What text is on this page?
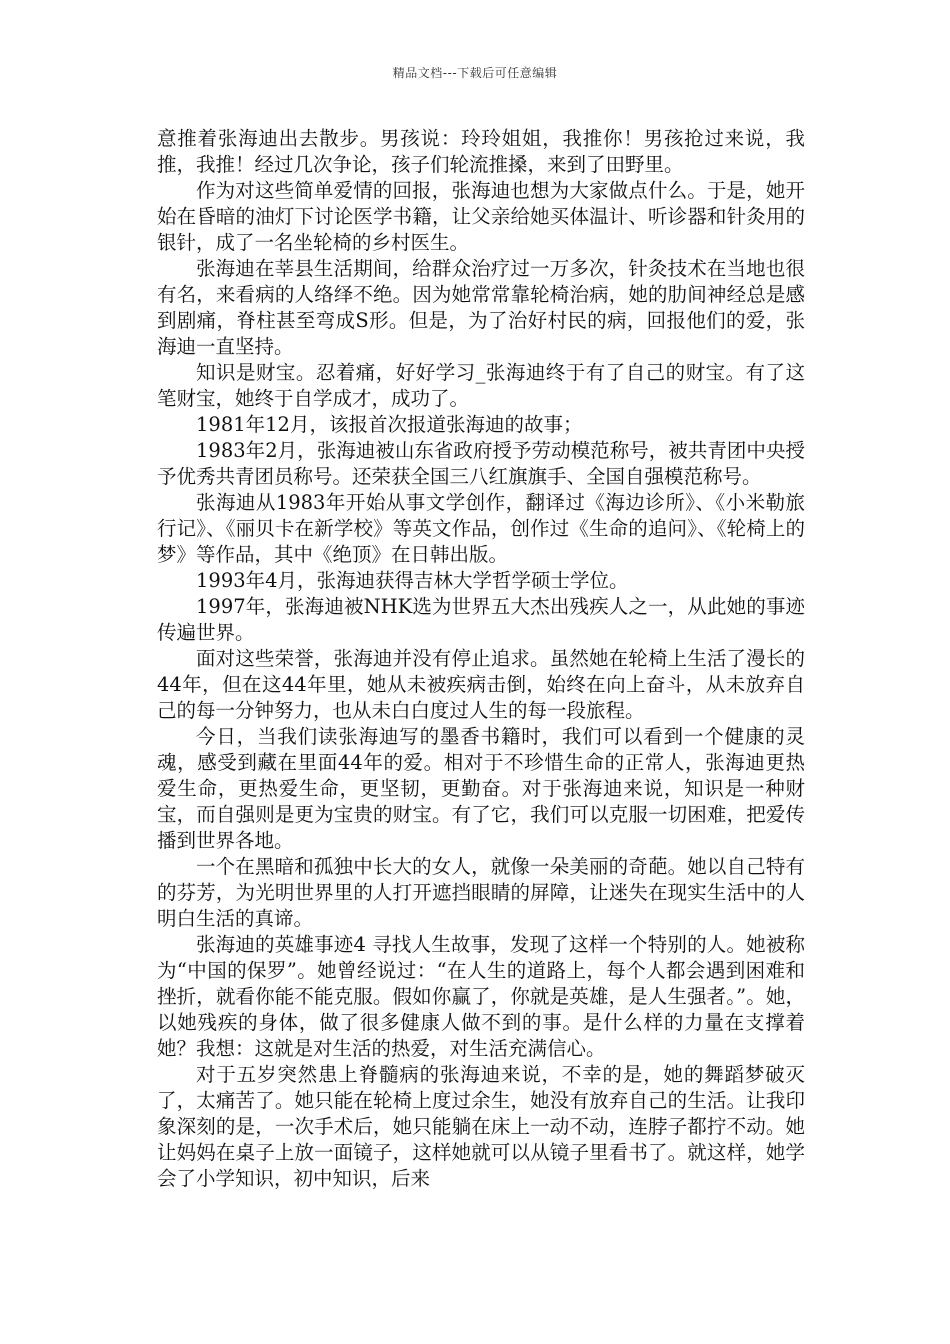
精品文档---下载后可任意编辑

意推着张海迪出去散步。男孩说：玲玲姐姐，我推你！男孩抢过来说，我推，我推！经过几次争论，孩子们轮流推搡，来到了田野里。

作为对这些简单爱情的回报，张海迪也想为大家做点什么。于是，她开始在昏暗的油灯下讨论医学书籍，让父亲给她买体温计、听诊器和针灸用的银针，成了一名坐轮椅的乡村医生。

张海迪在莘县生活期间，给群众治疗过一万多次，针灸技术在当地也很有名，来看病的人络绎不绝。因为她常常靠轮椅治病，她的肋间神经总是感到剧痛，脊柱甚至弯成S形。但是，为了治好村民的病，回报他们的爱，张海迪一直坚持。

知识是财宝。忍着痛，好好学习_张海迪终于有了自己的财宝。有了这笔财宝，她终于自学成才，成功了。

1981年12月，该报首次报道张海迪的故事；

1983年2月，张海迪被山东省政府授予劳动模范称号，被共青团中央授予优秀共青团员称号。还荣获全国三八红旗旗手、全国自强模范称号。

张海迪从1983年开始从事文学创作，翻译过《海边诊所》、《小米勒旅行记》、《丽贝卡在新学校》等英文作品，创作过《生命的追问》、《轮椅上的梦》等作品，其中《绝顶》在日韩出版。

1993年4月，张海迪获得吉林大学哲学硕士学位。

1997年，张海迪被NHK选为世界五大杰出残疾人之一，从此她的事迹传遍世界。

面对这些荣誉，张海迪并没有停止追求。虽然她在轮椅上生活了漫长的44年，但在这44年里，她从未被疾病击倒，始终在向上奋斗，从未放弃自己的每一分钟努力，也从未白白度过人生的每一段旅程。

今日，当我们读张海迪写的墨香书籍时，我们可以看到一个健康的灵魂，感受到藏在里面44年的爱。相对于不珍惜生命的正常人，张海迪更热爱生命，更热爱生命，更坚韧，更勤奋。对于张海迪来说，知识是一种财宝，而自强则是更为宝贵的财宝。有了它，我们可以克服一切困难，把爱传播到世界各地。

一个在黑暗和孤独中长大的女人，就像一朵美丽的奇葩。她以自己特有的芬芳，为光明世界里的人打开遮挡眼睛的屏障，让迷失在现实生活中的人明白生活的真谛。

张海迪的英雄事迹4 寻找人生故事，发现了这样一个特别的人。她被称为“中国的保罗”。她曾经说过：“在人生的道路上，每个人都会遇到困难和挫折，就看你能不能克服。假如你赢了，你就是英雄，是人生强者。”。她，以她残疾的身体，做了很多健康人做不到的事。是什么样的力量在支撑着她？我想：这就是对生活的热爱，对生活充满信心。

对于五岁突然患上脊髓病的张海迪来说，不幸的是，她的舞蹈梦破灭了，太痛苦了。她只能在轮椅上度过余生，她没有放弃自己的生活。让我印象深刻的是，一次手术后，她只能躺在床上一动不动，连脖子都拧不动。她让妈妈在桌子上放一面镜子，这样她就可以从镜子里看书了。就这样，她学会了小学知识，初中知识，后来
